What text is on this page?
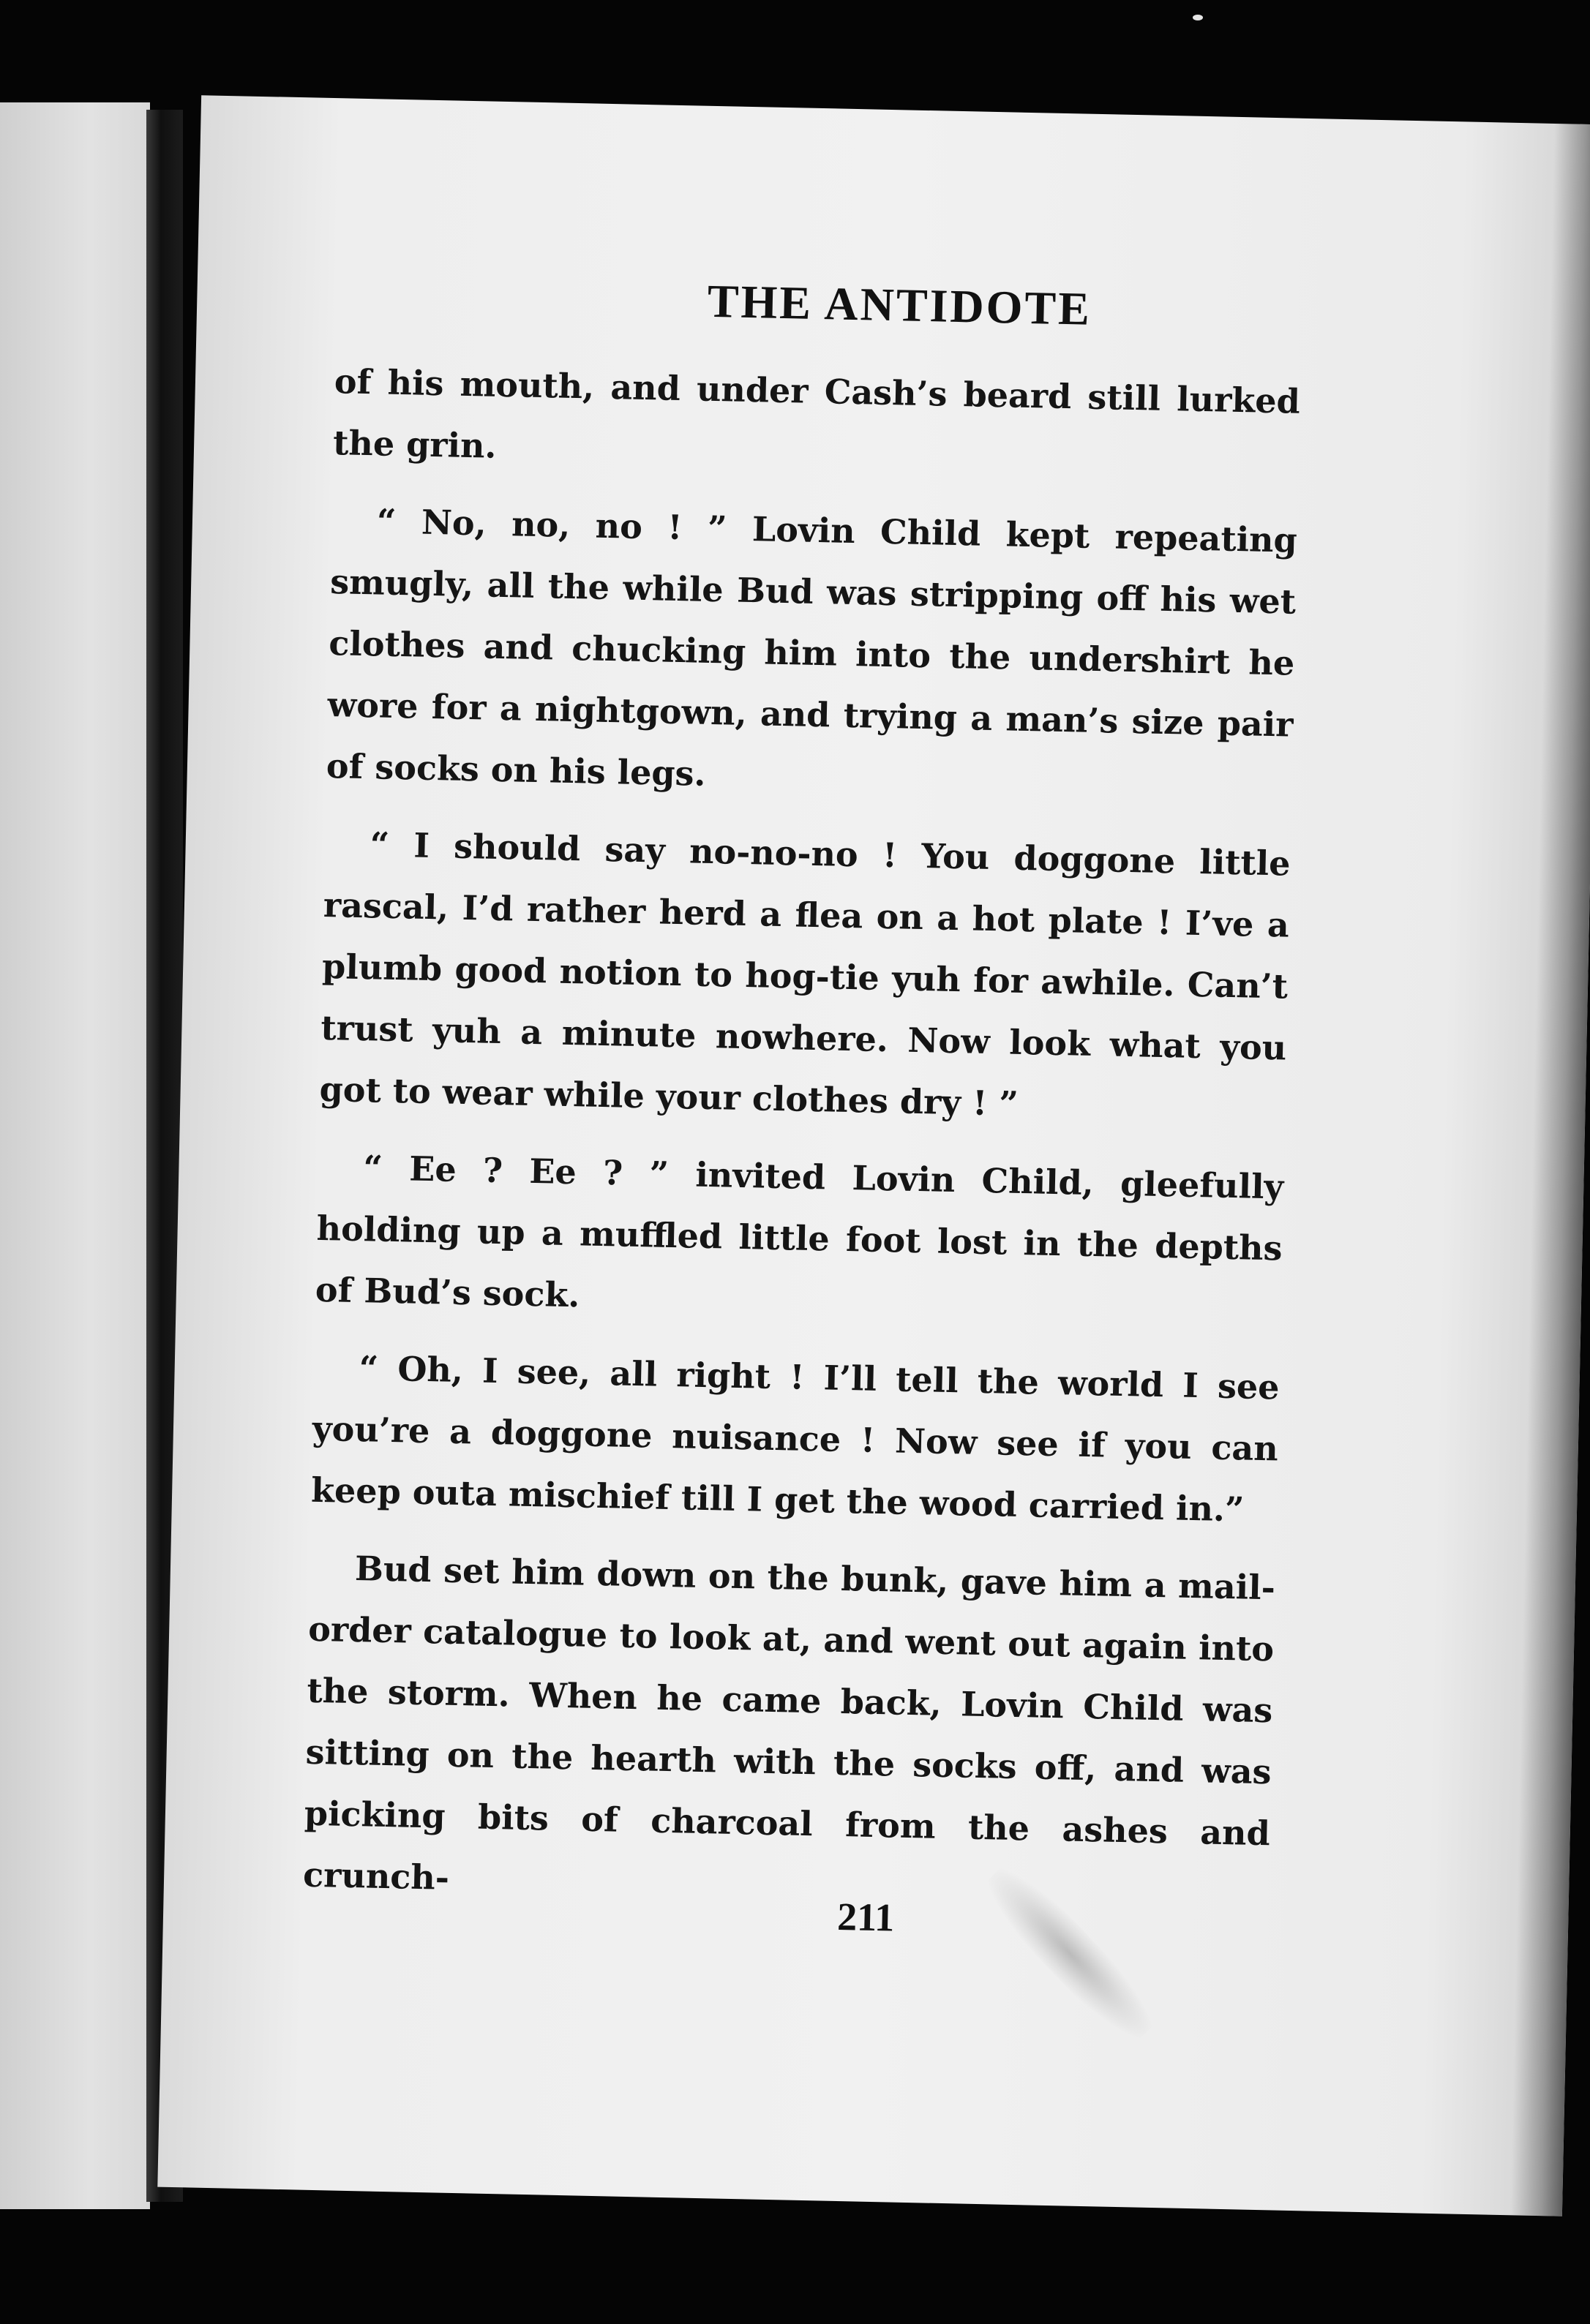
THE ANTIDOTE

of his mouth, and under Cash’s beard still lurked the grin.

“ No, no, no ! ” Lovin Child kept repeating smugly, all the while Bud was stripping off his wet clothes and chucking him into the undershirt he wore for a nightgown, and trying a man’s size pair of socks on his legs.

“ I should say no-no-no ! You doggone little rascal, I’d rather herd a flea on a hot plate ! I’ve a plumb good notion to hog-tie yuh for awhile. Can’t trust yuh a minute nowhere. Now look what you got to wear while your clothes dry ! ”

“ Ee ? Ee ? ” invited Lovin Child, gleefully holding up a muffled little foot lost in the depths of Bud’s sock.

“ Oh, I see, all right ! I’ll tell the world I see you’re a doggone nuisance ! Now see if you can keep outa mischief till I get the wood carried in.”

Bud set him down on the bunk, gave him a mail-order catalogue to look at, and went out again into the storm. When he came back, Lovin Child was sitting on the hearth with the socks off, and was picking bits of charcoal from the ashes and crunch-

211
